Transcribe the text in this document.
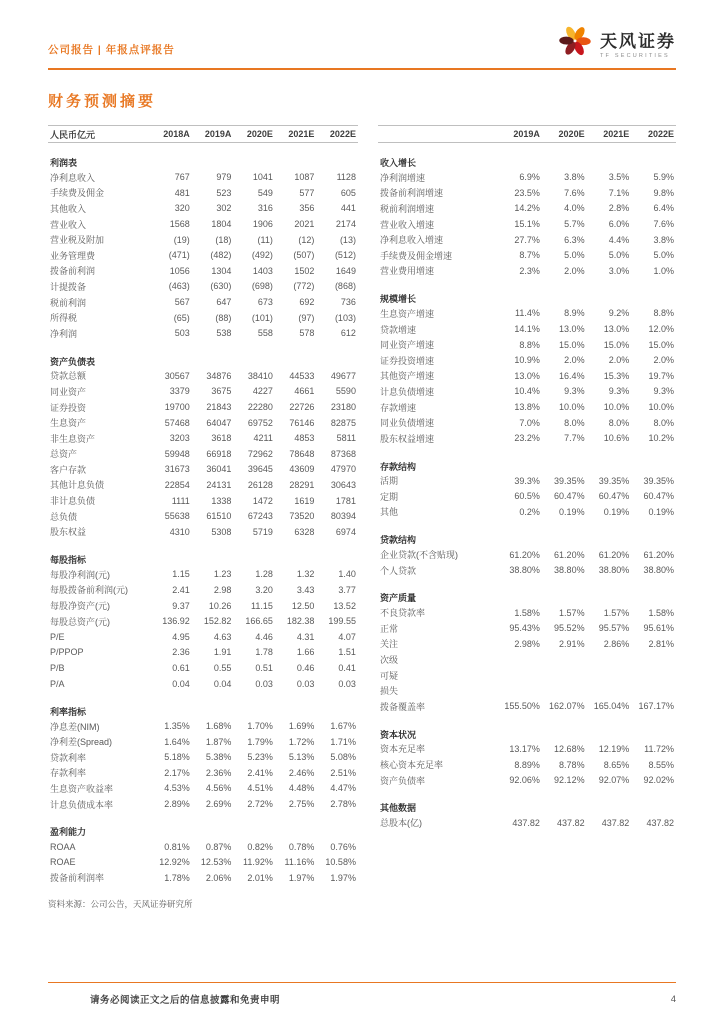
公司报告 | 年报点评报告	天风证券
TF SECURITIES
财务预测摘要
人民币亿元	2018A	2019A	2020E	2021E	2022E
利润表					
净利息收入	767	979	1041	1087	1128
手续费及佣金	481	523	549	577	605
其他收入	320	302	316	356	441
营业收入	1568	1804	1906	2021	2174
营业税及附加	(19)	(18)	(11)	(12)	(13)
业务管理费	(471)	(482)	(492)	(507)	(512)
拨备前利润	1056	1304	1403	1502	1649
计提拨备	(463)	(630)	(698)	(772)	(868)
税前利润	567	647	673	692	736
所得税	(65)	(88)	(101)	(97)	(103)
净利润	503	538	558	578	612
资产负债表					
贷款总额	30567	34876	38410	44533	49677
同业资产	3379	3675	4227	4661	5590
证券投资	19700	21843	22280	22726	23180
生息资产	57468	64047	69752	76146	82875
非生息资产	3203	3618	4211	4853	5811
总资产	59948	66918	72962	78648	87368
客户存款	31673	36041	39645	43609	47970
其他计息负债	22854	24131	26128	28291	30643
非计息负债	1111	1338	1472	1619	1781
总负债	55638	61510	67243	73520	80394
股东权益	4310	5308	5719	6328	6974
每股指标					
每股净利润(元)	1.15	1.23	1.28	1.32	1.40
每股拨备前利润(元)	2.41	2.98	3.20	3.43	3.77
每股净资产(元)	9.37	10.26	11.15	12.50	13.52
每股总资产(元)	136.92	152.82	166.65	182.38	199.55
P/E	4.95	4.63	4.46	4.31	4.07
P/PPOP	2.36	1.91	1.78	1.66	1.51
P/B	0.61	0.55	0.51	0.46	0.41
P/A	0.04	0.04	0.03	0.03	0.03
利率指标					
净息差(NIM)	1.35%	1.68%	1.70%	1.69%	1.67%
净利差(Spread)	1.64%	1.87%	1.79%	1.72%	1.71%
贷款利率	5.18%	5.38%	5.23%	5.13%	5.08%
存款利率	2.17%	2.36%	2.41%	2.46%	2.51%
生息资产收益率	4.53%	4.56%	4.51%	4.48%	4.47%
计息负债成本率	2.89%	2.69%	2.72%	2.75%	2.78%
盈利能力					
ROAA	0.81%	0.87%	0.82%	0.78%	0.76%
ROAE	12.92%	12.53%	11.92%	11.16%	10.58%
拨备前利润率	1.78%	2.06%	2.01%	1.97%	1.97%
资料来源：公司公告，天风证券研究所
	2019A	2020E	2021E	2022E
收入增长				
净利润增速	6.9%	3.8%	3.5%	5.9%
拨备前利润增速	23.5%	7.6%	7.1%	9.8%
税前利润增速	14.2%	4.0%	2.8%	6.4%
营业收入增速	15.1%	5.7%	6.0%	7.6%
净利息收入增速	27.7%	6.3%	4.4%	3.8%
手续费及佣金增速	8.7%	5.0%	5.0%	5.0%
营业费用增速	2.3%	2.0%	3.0%	1.0%
规模增长				
生息资产增速	11.4%	8.9%	9.2%	8.8%
贷款增速	14.1%	13.0%	13.0%	12.0%
同业资产增速	8.8%	15.0%	15.0%	15.0%
证券投资增速	10.9%	2.0%	2.0%	2.0%
其他资产增速	13.0%	16.4%	15.3%	19.7%
计息负债增速	10.4%	9.3%	9.3%	9.3%
存款增速	13.8%	10.0%	10.0%	10.0%
同业负债增速	7.0%	8.0%	8.0%	8.0%
股东权益增速	23.2%	7.7%	10.6%	10.2%
存款结构				
活期	39.3%	39.35%	39.35%	39.35%
定期	60.5%	60.47%	60.47%	60.47%
其他	0.2%	0.19%	0.19%	0.19%
贷款结构				
企业贷款(不含贴现)	61.20%	61.20%	61.20%	61.20%
个人贷款	38.80%	38.80%	38.80%	38.80%
资产质量				
不良贷款率	1.58%	1.57%	1.57%	1.58%
正常	95.43%	95.52%	95.57%	95.61%
关注	2.98%	2.91%	2.86%	2.81%
次级				
可疑				
损失				
拨备覆盖率	155.50%	162.07%	165.04%	167.17%
资本状况				
资本充足率	13.17%	12.68%	12.19%	11.72%
核心资本充足率	8.89%	8.78%	8.65%	8.55%
资产负债率	92.06%	92.12%	92.07%	92.02%
其他数据				
总股本(亿)	437.82	437.82	437.82	437.82
请务必阅读正文之后的信息披露和免责申明	4
